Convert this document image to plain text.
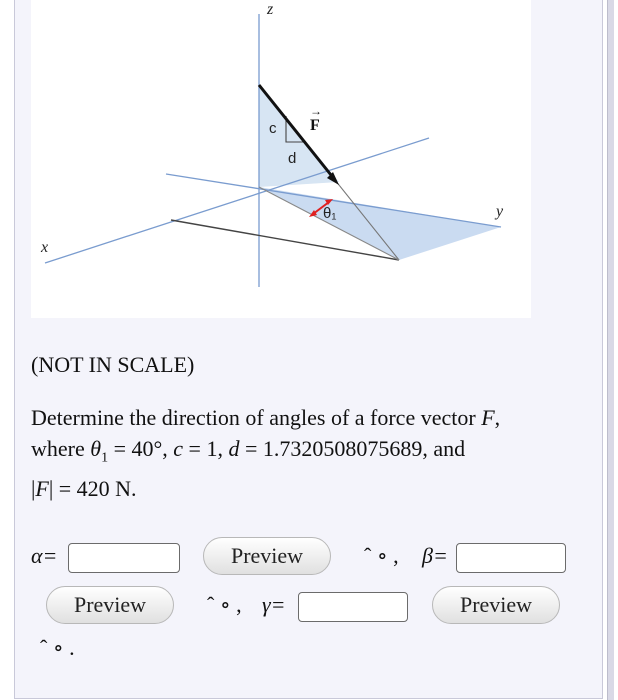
z
x
y
c
d
F
→
θ₁
(NOT IN SCALE)
Determine the direction of angles of a force vector F,
where $\theta_1 = 40^\circ$, c = 1, d = 1.7320508075689, and
|F| = 420 N.
α=	Preview	ˆ ∘ , β=
Preview	ˆ ∘ , γ=	Preview
ˆ ∘ .
